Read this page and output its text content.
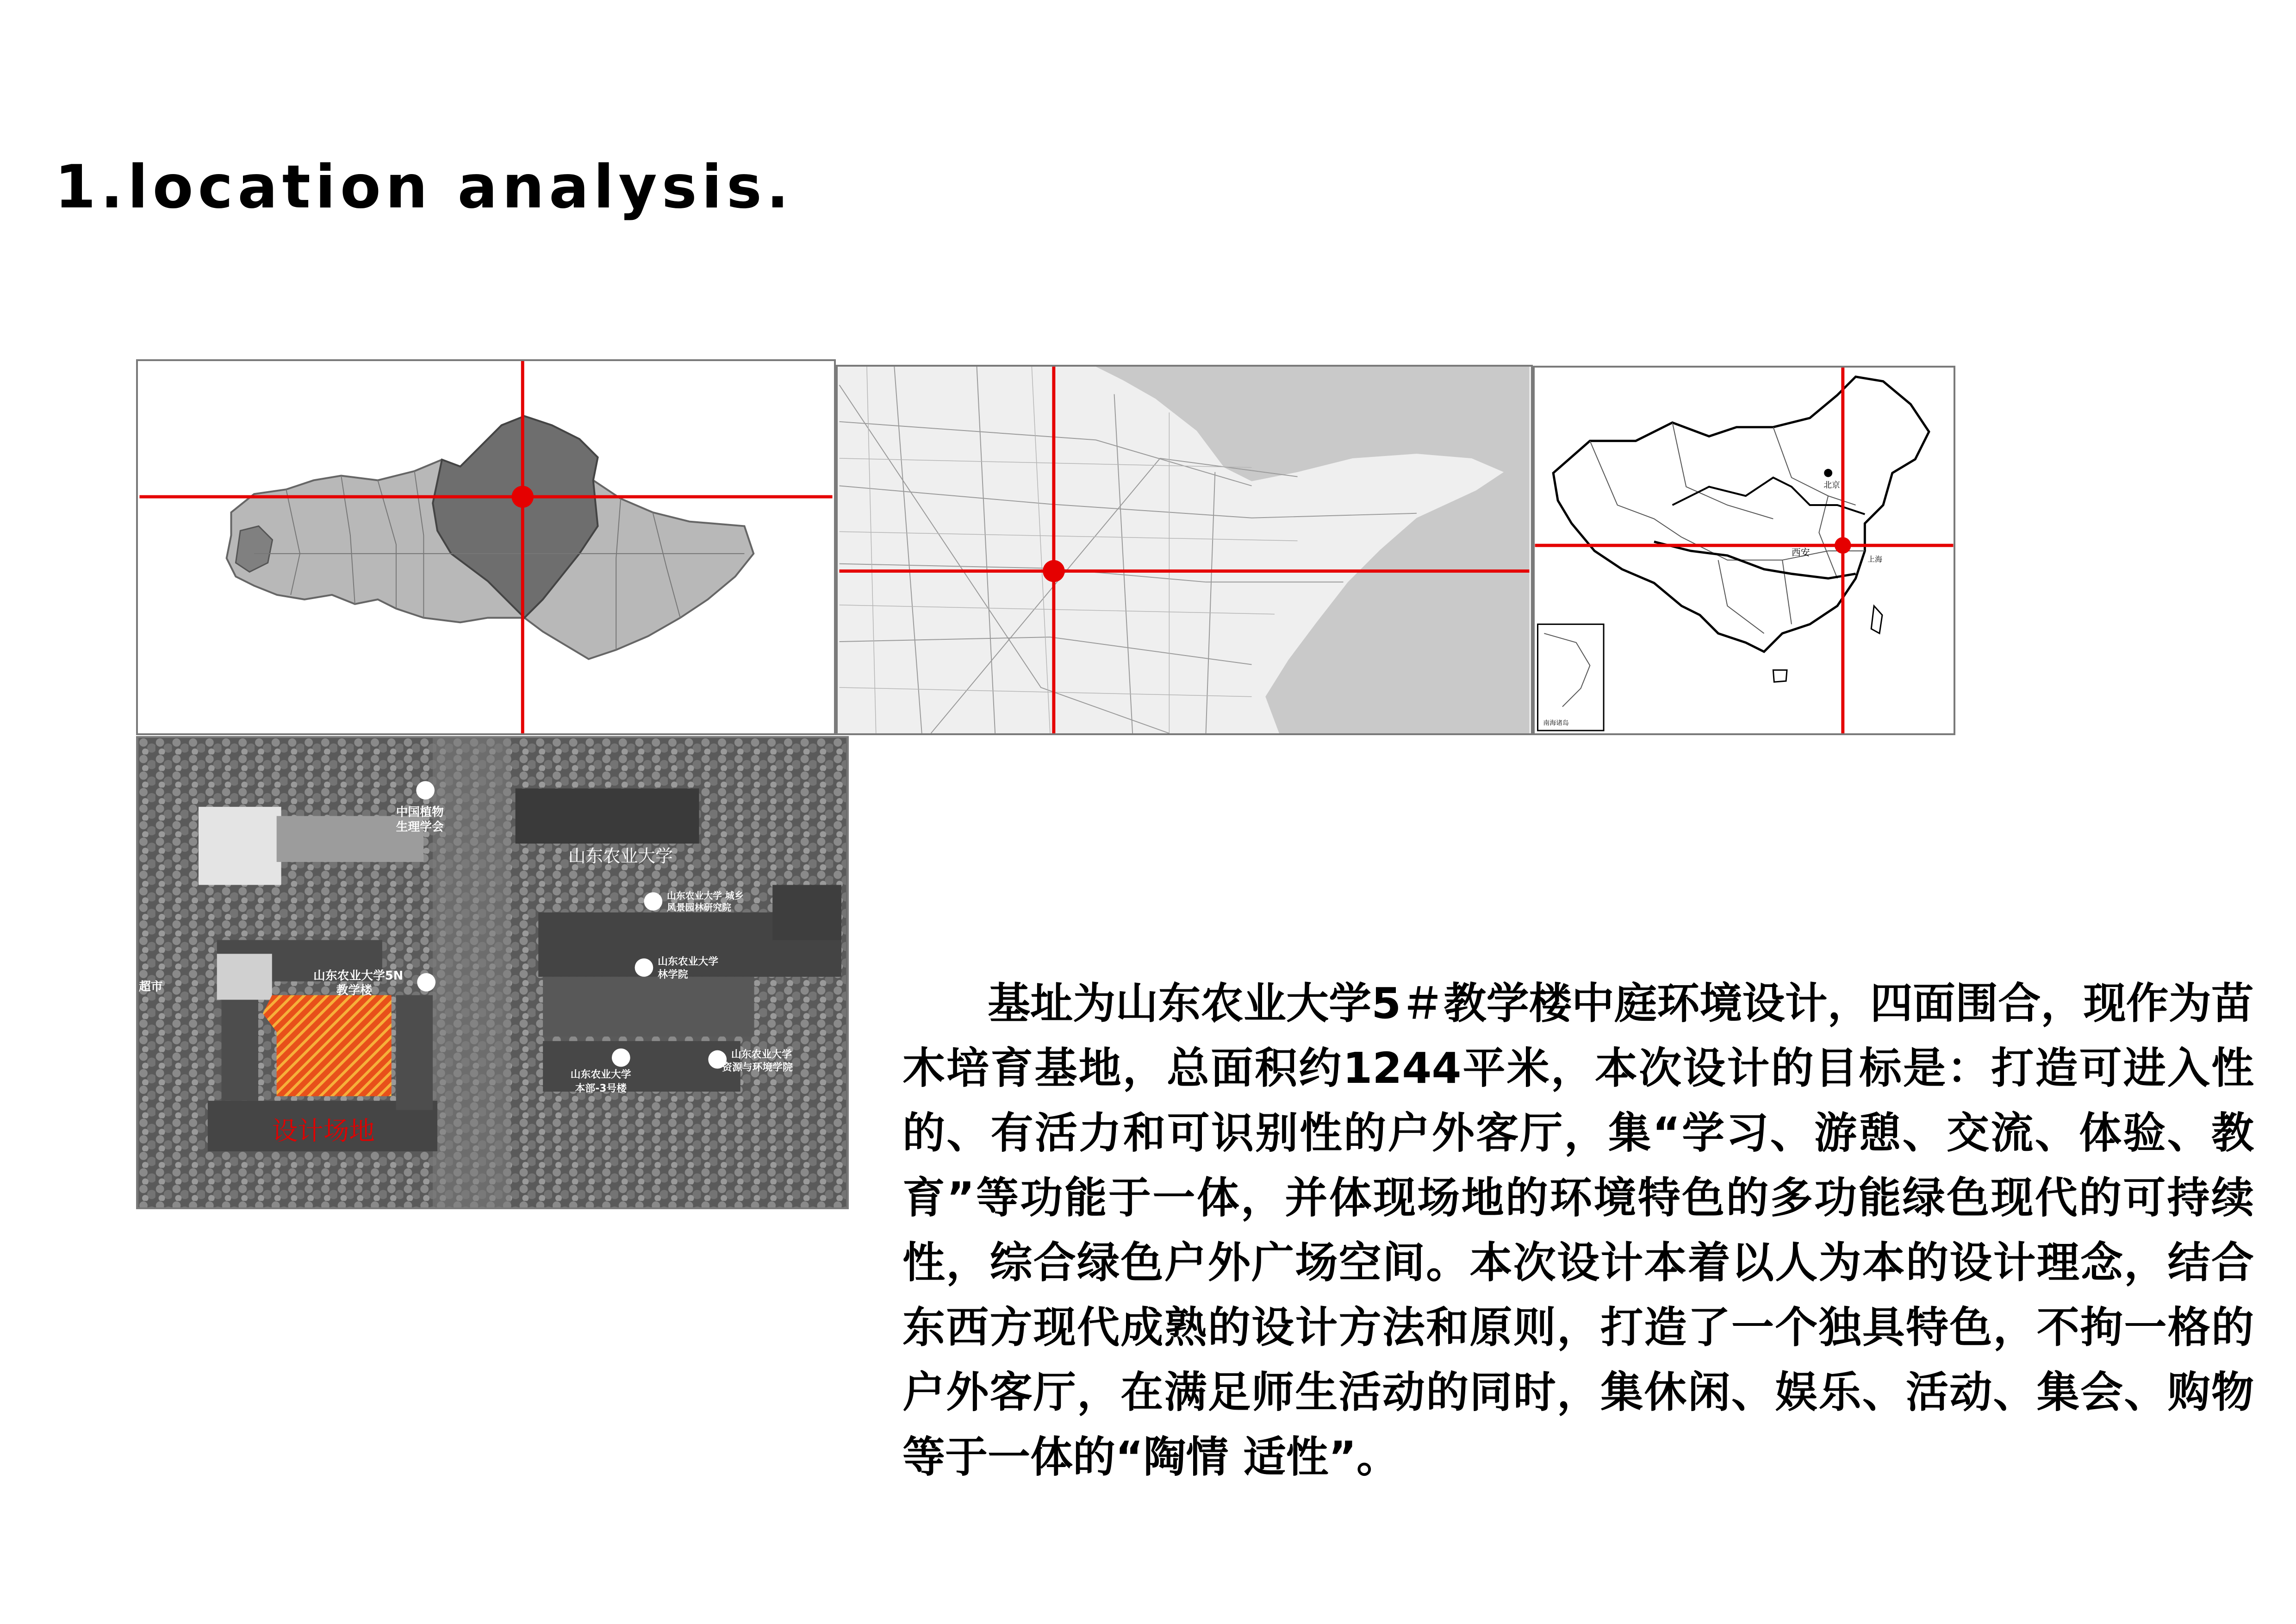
1.location analysis.
北京
西安
上海
南海诸岛
中国植物
生理学会
山东农业大学
山东农业大学 城乡
风景园林研究院
山东农业大学
林学院
山东农业大学5N
教学楼
山东农业大学
本部-3号楼
山东农业大学
资源与环境学院
超市
设计场地

基址为山东农业大学5＃教学楼中庭环境设计，四面围合，现作为苗木培育基地，总面积约1244平米，本次设计的目标是：打造可进入性的、有活力和可识别性的户外客厅，集“学习、游憩、交流、体验、教育”等功能于一体，并体现场地的环境特色的多功能绿色现代的可持续性，综合绿色户外广场空间。本次设计本着以人为本的设计理念，结合东西方现代成熟的设计方法和原则，打造了一个独具特色，不拘一格的户外客厅，在满足师生活动的同时，集休闲、娱乐、活动、集会、购物等于一体的“陶情 适性”。
